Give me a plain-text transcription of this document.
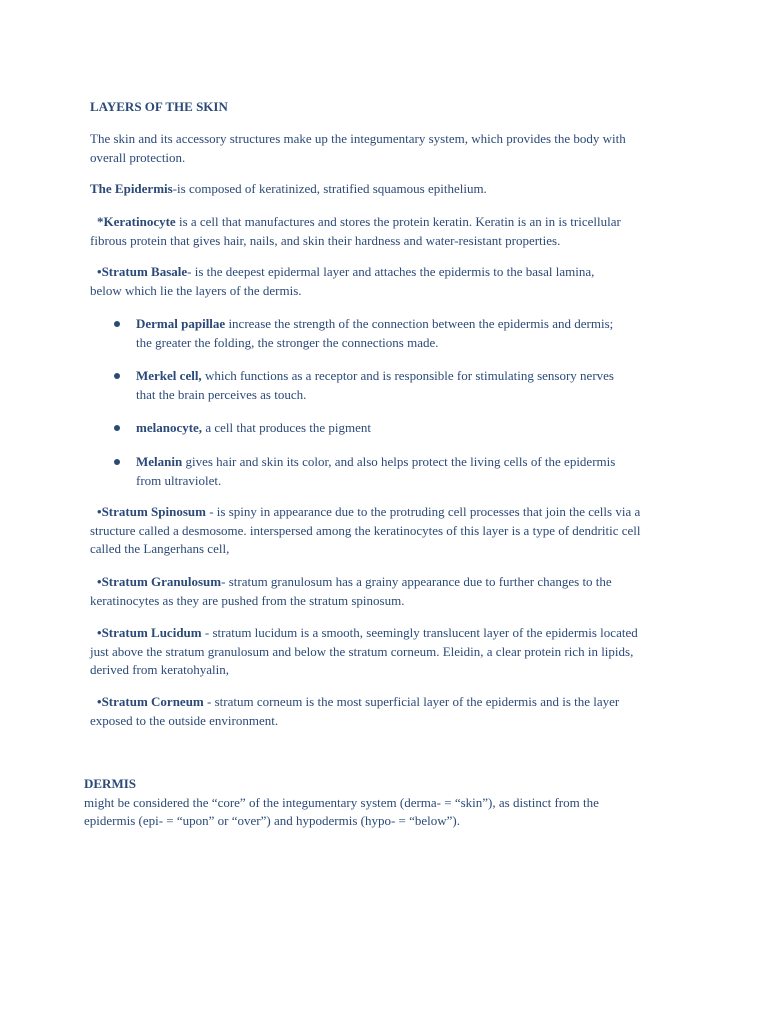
LAYERS OF THE SKIN
The skin and its accessory structures make up the integumentary system, which provides the body with
overall protection.
The Epidermis-is composed of keratinized, stratified squamous epithelium.
*Keratinocyte is a cell that manufactures and stores the protein keratin. Keratin is an in is tricellular
fibrous protein that gives hair, nails, and skin their hardness and water-resistant properties.
•Stratum Basale- is the deepest epidermal layer and attaches the epidermis to the basal lamina,
below which lie the layers of the dermis.
Dermal papillae increase the strength of the connection between the epidermis and dermis;
the greater the folding, the stronger the connections made.
Merkel cell, which functions as a receptor and is responsible for stimulating sensory nerves
that the brain perceives as touch.
melanocyte, a cell that produces the pigment
Melanin gives hair and skin its color, and also helps protect the living cells of the epidermis
from ultraviolet.
•Stratum Spinosum - is spiny in appearance due to the protruding cell processes that join the cells via a
structure called a desmosome. interspersed among the keratinocytes of this layer is a type of dendritic cell
called the Langerhans cell,
•Stratum Granulosum- stratum granulosum has a grainy appearance due to further changes to the
keratinocytes as they are pushed from the stratum spinosum.
•Stratum Lucidum - stratum lucidum is a smooth, seemingly translucent layer of the epidermis located
just above the stratum granulosum and below the stratum corneum. Eleidin, a clear protein rich in lipids,
derived from keratohyalin,
•Stratum Corneum - stratum corneum is the most superficial layer of the epidermis and is the layer
exposed to the outside environment.
DERMIS
might be considered the “core” of the integumentary system (derma- = “skin”), as distinct from the
epidermis (epi- = “upon” or “over”) and hypodermis (hypo- = “below”).
